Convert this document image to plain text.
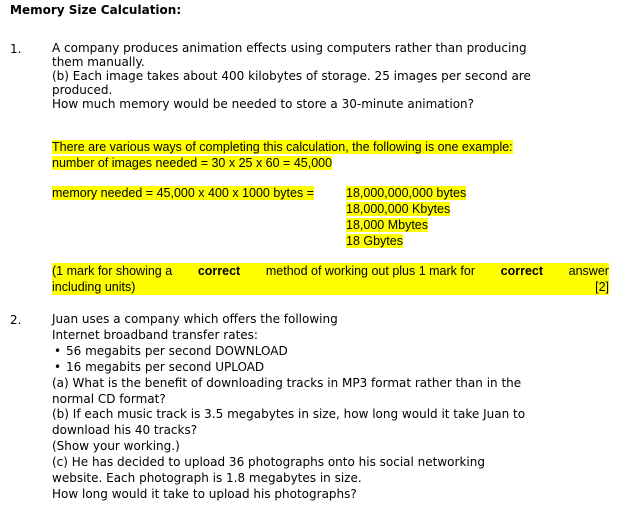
Memory Size Calculation:
1.	A company produces animation effects using computers rather than producing
them manually.
(b) Each image takes about 400 kilobytes of storage. 25 images per second are
produced.
How much memory would be needed to store a 30-minute animation?
There are various ways of completing this calculation, the following is one example:
number of images needed = 30 x 25 x 60 = 45,000
memory needed = 45,000 x 400 x 1000 bytes =	18,000,000,000 bytes
18,000,000 Kbytes
18,000 Mbytes
18 Gbytes
(1 mark for showing a correct method of working out plus 1 mark for correct answer
including units)	[2]
2.	Juan uses a company which offers the following
Internet broadband transfer rates:
• 56 megabits per second DOWNLOAD
• 16 megabits per second UPLOAD
(a) What is the benefit of downloading tracks in MP3 format rather than in the
normal CD format?
(b) If each music track is 3.5 megabytes in size, how long would it take Juan to
download his 40 tracks?
(Show your working.)
(c) He has decided to upload 36 photographs onto his social networking
website. Each photograph is 1.8 megabytes in size.
How long would it take to upload his photographs?
